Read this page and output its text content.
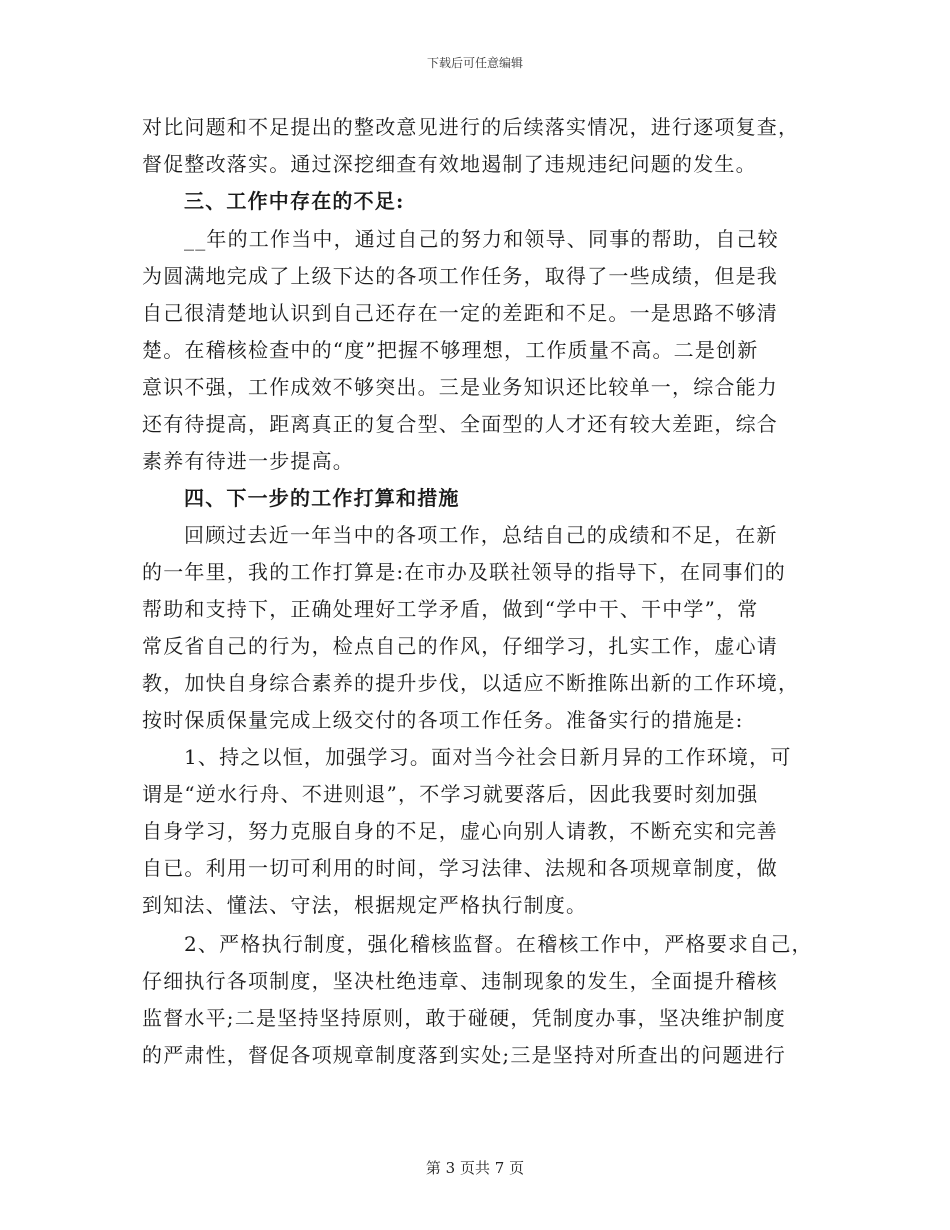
下载后可任意编辑
对比问题和不足提出的整改意见进行的后续落实情况，进行逐项复查，
督促整改落实。通过深挖细查有效地遏制了违规违纪问题的发生。
三、工作中存在的不足:
__年的工作当中，通过自己的努力和领导、同事的帮助，自己较
为圆满地完成了上级下达的各项工作任务，取得了一些成绩，但是我
自己很清楚地认识到自己还存在一定的差距和不足。一是思路不够清
楚。在稽核检查中的“度”把握不够理想，工作质量不高。二是创新
意识不强，工作成效不够突出。三是业务知识还比较单一，综合能力
还有待提高，距离真正的复合型、全面型的人才还有较大差距，综合
素养有待进一步提高。
四、下一步的工作打算和措施
回顾过去近一年当中的各项工作，总结自己的成绩和不足，在新
的一年里，我的工作打算是:在市办及联社领导的指导下，在同事们的
帮助和支持下，正确处理好工学矛盾，做到“学中干、干中学”，常
常反省自己的行为，检点自己的作风，仔细学习，扎实工作，虚心请
教，加快自身综合素养的提升步伐，以适应不断推陈出新的工作环境，
按时保质保量完成上级交付的各项工作任务。准备实行的措施是:
1、持之以恒，加强学习。面对当今社会日新月异的工作环境，可
谓是“逆水行舟、不进则退”，不学习就要落后，因此我要时刻加强
自身学习，努力克服自身的不足，虚心向别人请教，不断充实和完善
自已。利用一切可利用的时间，学习法律、法规和各项规章制度，做
到知法、懂法、守法，根据规定严格执行制度。
2、严格执行制度，强化稽核监督。在稽核工作中，严格要求自己，
仔细执行各项制度，坚决杜绝违章、违制现象的发生，全面提升稽核
监督水平;二是坚持坚持原则，敢于碰硬，凭制度办事，坚决维护制度
的严肃性，督促各项规章制度落到实处;三是坚持对所查出的问题进行
第 3 页共 7 页
